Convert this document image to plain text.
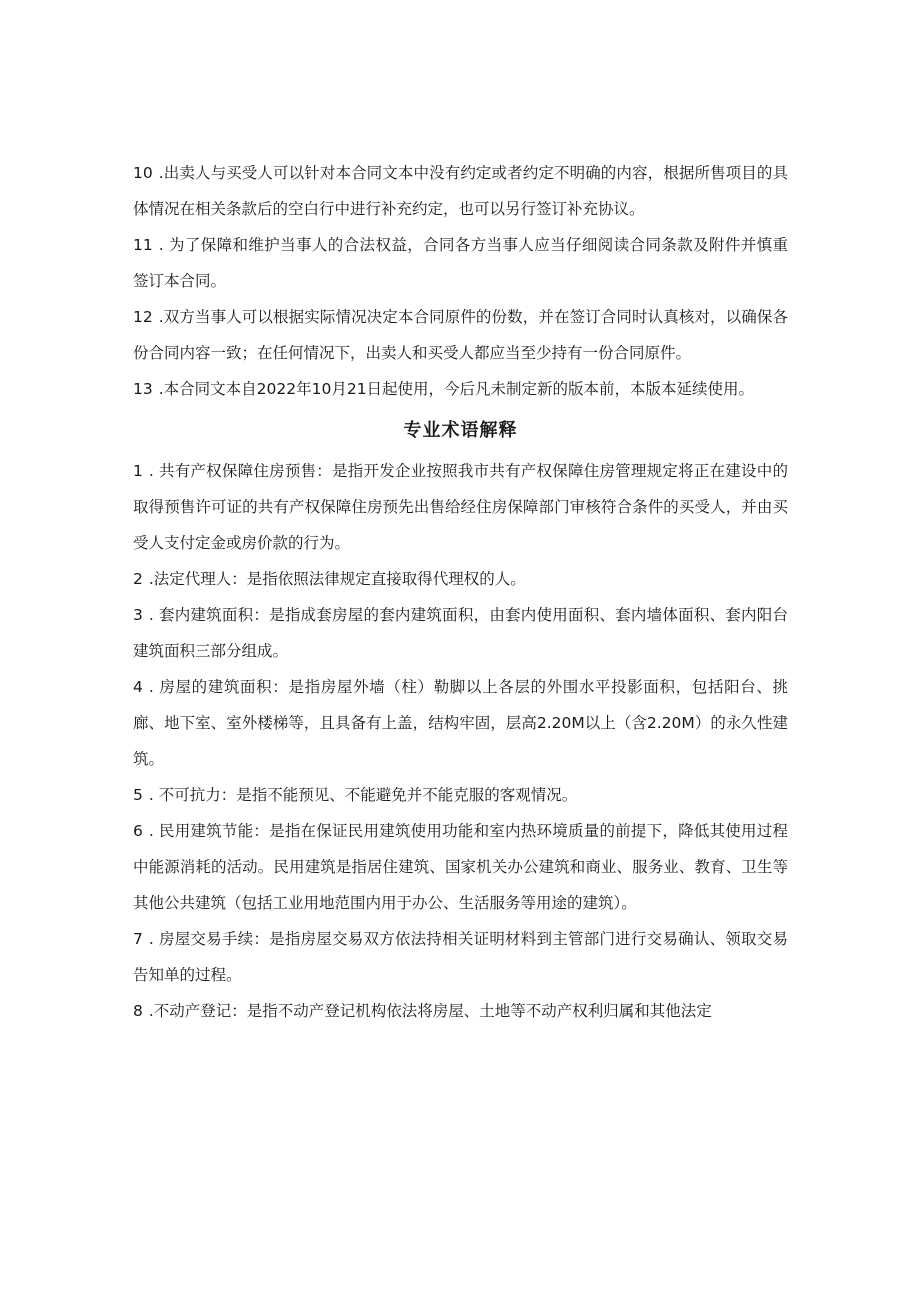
10 .出卖人与买受人可以针对本合同文本中没有约定或者约定不明确的内容，根据所售项目的具体情况在相关条款后的空白行中进行补充约定，也可以另行签订补充协议。

11 . 为了保障和维护当事人的合法权益，合同各方当事人应当仔细阅读合同条款及附件并慎重签订本合同。

12 .双方当事人可以根据实际情况决定本合同原件的份数，并在签订合同时认真核对，以确保各份合同内容一致；在任何情况下，出卖人和买受人都应当至少持有一份合同原件。

13 .本合同文本自2022年10月21日起使用，今后凡未制定新的版本前，本版本延续使用。

专业术语解释

1 . 共有产权保障住房预售：是指开发企业按照我市共有产权保障住房管理规定将正在建设中的取得预售许可证的共有产权保障住房预先出售给经住房保障部门审核符合条件的买受人，并由买受人支付定金或房价款的行为。

2 .法定代理人：是指依照法律规定直接取得代理权的人。

3 . 套内建筑面积：是指成套房屋的套内建筑面积，由套内使用面积、套内墙体面积、套内阳台建筑面积三部分组成。

4 . 房屋的建筑面积：是指房屋外墙（柱）勒脚以上各层的外围水平投影面积，包括阳台、挑廊、地下室、室外楼梯等，且具备有上盖，结构牢固，层高2.20M以上（含2.20M）的永久性建筑。

5 . 不可抗力：是指不能预见、不能避免并不能克服的客观情况。

6 . 民用建筑节能：是指在保证民用建筑使用功能和室内热环境质量的前提下，降低其使用过程中能源消耗的活动。民用建筑是指居住建筑、国家机关办公建筑和商业、服务业、教育、卫生等其他公共建筑（包括工业用地范围内用于办公、生活服务等用途的建筑）。

7 . 房屋交易手续：是指房屋交易双方依法持相关证明材料到主管部门进行交易确认、领取交易告知单的过程。

8 .不动产登记：是指不动产登记机构依法将房屋、土地等不动产权利归属和其他法定
